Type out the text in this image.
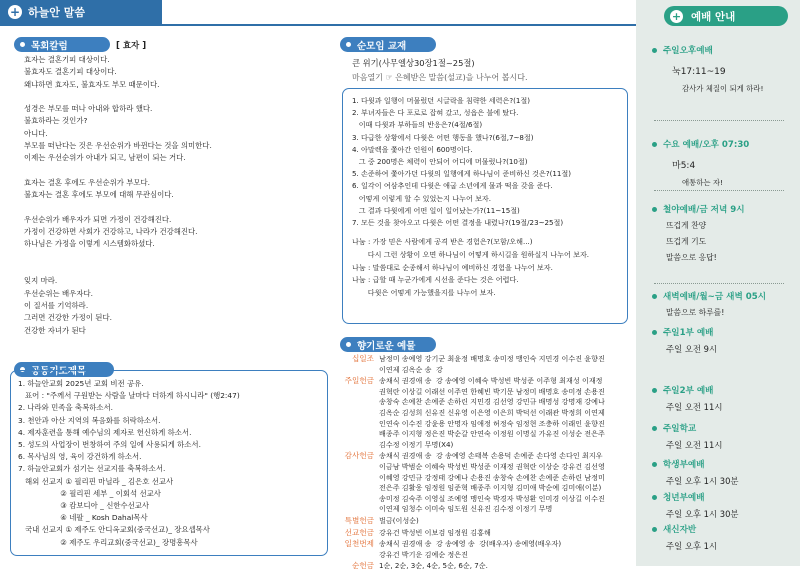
+ 하늘안 말씀
목회칼럼	[ 효자 ]
효자는 결혼기피 대상이다.
불효자도 결혼기피 대상이다.
왜냐하면 효자도, 불효자도 부모 때문이다.

성경은 부모를 떠나 아내와 합하라 했다.
불효하라는 것인가?
아니다.
부모를 떠난다는 것은 우선순위가 바뀐다는 것을 의미한다.
이제는 우선순위가 아내가 되고, 남편이 되는 거다.

효자는 결혼 후에도 우선순위가 부모다.
불효자는 결혼 후에도 부모에 대해 무관심이다.

우선순위가 배우자가 되면 가정이 건강해진다.
가정이 건강하면 사회가 건강하고, 나라가 건강해진다.
하나님은 가정을 이렇게 시스템화하셨다.

잊지 마라.
우선순위는 배우자다.
이 질서를 기억하라.
그러면 건강한 가정이 된다.
건강한 자녀가 된다
공동기도제목
1. 하늘안교회 2025년 교회 비전 공유.
표어 : "주께서 구원받는 사람을 날마다 더하게 하시니라" (행2:47)
2. 나라와 민족을 축복하소서.
3. 천안과 아산 지역의 복음화를 허락하소서.
4. 제자훈련을 통해 예수님의 제자로 헌신하게 하소서.
5. 성도의 사업장이 번창하여 주의 일에 사용되게 하소서.
6. 목사님의 영, 육이 강건하게 하소서.
7. 하늘안교회가 섬기는 선교지를 축복하소서.
해외 선교지 ① 필리핀 마닐라 _ 김은호 선교사
② 필리핀 세부 _ 이회석 선교사
③ 캄보디아 _ 신한수선교사
④ 네팔 _ Kosh Dahal목사
국내 선교지 ① 제주도 안디옥교회(중국선교)_ 장요셉목사
② 제주도 우리교회(중국선교)_ 장명흥목사
순모임 교재
큰 위기(사무엘상30장1절~25절)
마음열기 ☞ 은혜받은 말씀(설교)을 나누어 봅시다.
1. 다윗과 일행이 머물렀던 시글락을 침략한 세력은?(1절)
2. 부녀자들은 다 포로로 잡혀 갔고, 성읍은 불에 탔다.
이때 다윗과 부하들의 반응은?(4절/6절)
3. 다급한 상황에서 다윗은 어떤 행동을 했나?(6절,7~8절)
4. 아말렉을 쫓아간 인원이 600명이다.
그 중 200명은 체력이 안되어 어디에 머물렀나?(10절)
5. 손준하여 쫓아가던 다윗의 일행에게 하나님이 준비하신 것은?(11절)
6. 일각이 여삼추인데 다윗은 애굽 소년에게 물과 떡을 갖을 준다.
어떻게 이렇게 할 수 있었는지 나누어 보자.
그 결과 다윗에게 어떤 일이 일어났는가?(11~15절)
7. 모든 것을 찾아오고 다윗은 어떤 결정을 내렸나?(19절/23~25절)
나눔 : 가장 믿은 사람에게 공격 받은 경험은?(모함/오해...)
다시 그런 상황이 오면 하나님이 어떻게 하시길을 원하실지 나누어 보자.
나눔 : 말씀대로 순종해서 하나님이 예비하신 경험을 나누어 보자.
나눔 : 급할 때 누군가에게 시선을 준다는 것은 어렵다.
다윗은 어떻게 가능했을지를 나누어 보자.
향기로운 예물
십일조 남정미 송예영 강기군 최윤정 배명호 송미정 맹인숙 지민경 이수진 윤향진
이연제 김옥순 송  강
주일헌금 송채식 권경애 송  강 송예영 이혜숙 박성빈 박성준 이주형 최재성 이재정
권혁란 이상길 이래선 이주연 한혜빈 박기문 남정미 배명호 송미정 손용진
송창숙 손예찬 손예준 손하린 지민경 김선영 강민규 배명성 강명재 강예나
김옥순 김성희 신유진 신유영 이은영 이은희 박덕선 이래관 박정희 이연제
인연숙 이수진 강윤용 안명자 임애정 허정숙 임정현 조충하 이래인 윤향진
배종주 이지형 정은진 박순갈 안연숙 이정원 이명실 가유진 이성순 전은주
김수정 이정기 무명(X4)
감사헌금 송채식 권경애 송  강 송예영 손태복 손용덕 손예준 손다영 손다인 최지우
이금남 박범순 이혜숙 박성빈 박성준 이재정 권혁란 이상순 강유건 김선영
이혜영 강민규 강정태 강예나 손용진 송창숙 손예찬 손예준 손하린 남정미
전은주 김활웅 임정원 임준혁 배종주 이지형 김미애 박순예 김미애(이분)
송미정 김숙주 이영실 조예영 맹인숙 박경자 박성환 인미경 이상길 이수진
이연제 임청수 이미숙 임도원 신유진 김수정 이정기 무명
특별헌금 벌금(이성순)
선교헌금 강유건 박성빈 이보검 임정원 김홍해
일천번제 송채식 권경애 송  강 송예영 송  강(배우자) 송예영(배우자)
강유건 박기운 김예순 정은진
순헌금 1순, 2순, 3순, 4순, 5순, 6순, 7순.
+ 예배 안내
주일오후예배
눅17:11~19
감사가 체질이 되게 하라!
수요 예배/오후 07:30
마5:4
애통하는 자!
철야예배/금 저녁 9시
뜨겁게 찬양
뜨겁게 기도
말씀으로 응답!
새벽예배/월~금 새벽 05시
말씀으로 하루를!
주일1부 예배
주일 오전 9시
주일2부 예배
주일 오전 11시
주일학교
주일 오전 11시
학생부예배
주일 오후 1시 30분
청년부예배
주일 오후 1시 30분
새신자반
주일 오후 1시
